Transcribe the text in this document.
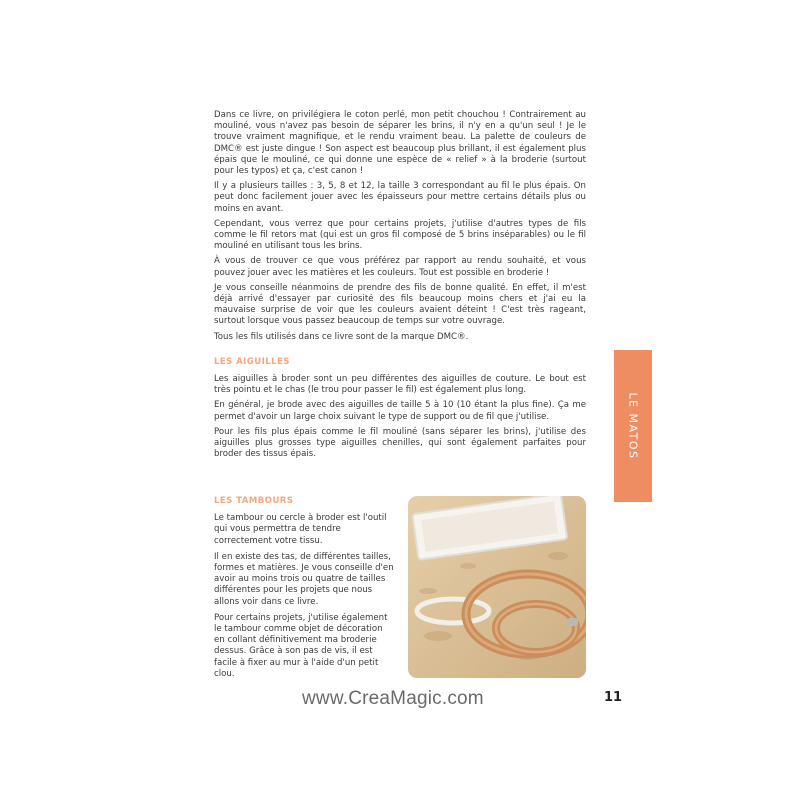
Dans ce livre, on privilégiera le coton perlé, mon petit chouchou ! Contrairement au mouliné, vous n'avez pas besoin de séparer les brins, il n'y en a qu'un seul ! Je le trouve vraiment magnifique, et le rendu vraiment beau. La palette de couleurs de DMC® est juste dingue ! Son aspect est beaucoup plus brillant, il est également plus épais que le mouliné, ce qui donne une espèce de « relief » à la broderie (surtout pour les typos) et ça, c'est canon !

Il y a plusieurs tailles : 3, 5, 8 et 12, la taille 3 correspondant au fil le plus épais. On peut donc facilement jouer avec les épaisseurs pour mettre certains détails plus ou moins en avant.

Cependant, vous verrez que pour certains projets, j'utilise d'autres types de fils comme le fil retors mat (qui est un gros fil composé de 5 brins inséparables) ou le fil mouliné en utilisant tous les brins.

À vous de trouver ce que vous préférez par rapport au rendu souhaité, et vous pouvez jouer avec les matières et les couleurs. Tout est possible en broderie !

Je vous conseille néanmoins de prendre des fils de bonne qualité. En effet, il m'est déjà arrivé d'essayer par curiosité des fils beaucoup moins chers et j'ai eu la mauvaise surprise de voir que les couleurs avaient déteint ! C'est très rageant, surtout lorsque vous passez beaucoup de temps sur votre ouvrage.

Tous les fils utilisés dans ce livre sont de la marque DMC®.

LES AIGUILLES

Les aiguilles à broder sont un peu différentes des aiguilles de couture. Le bout est très pointu et le chas (le trou pour passer le fil) est également plus long.

En général, je brode avec des aiguilles de taille 5 à 10 (10 étant la plus fine). Ça me permet d'avoir un large choix suivant le type de support ou de fil que j'utilise.

Pour les fils plus épais comme le fil mouliné (sans séparer les brins), j'utilise des aiguilles plus grosses type aiguilles chenilles, qui sont également parfaites pour broder des tissus épais.

LES TAMBOURS

Le tambour ou cercle à broder est l'outil qui vous permettra de tendre correctement votre tissu.

Il en existe des tas, de différentes tailles, formes et matières. Je vous conseille d'en avoir au moins trois ou quatre de tailles différentes pour les projets que nous allons voir dans ce livre.

Pour certains projets, j'utilise également le tambour comme objet de décoration en collant définitivement ma broderie dessus. Grâce à son pas de vis, il est facile à fixer au mur à l'aide d'un petit clou.

LE MATOS
www.CreaMagic.com	11
